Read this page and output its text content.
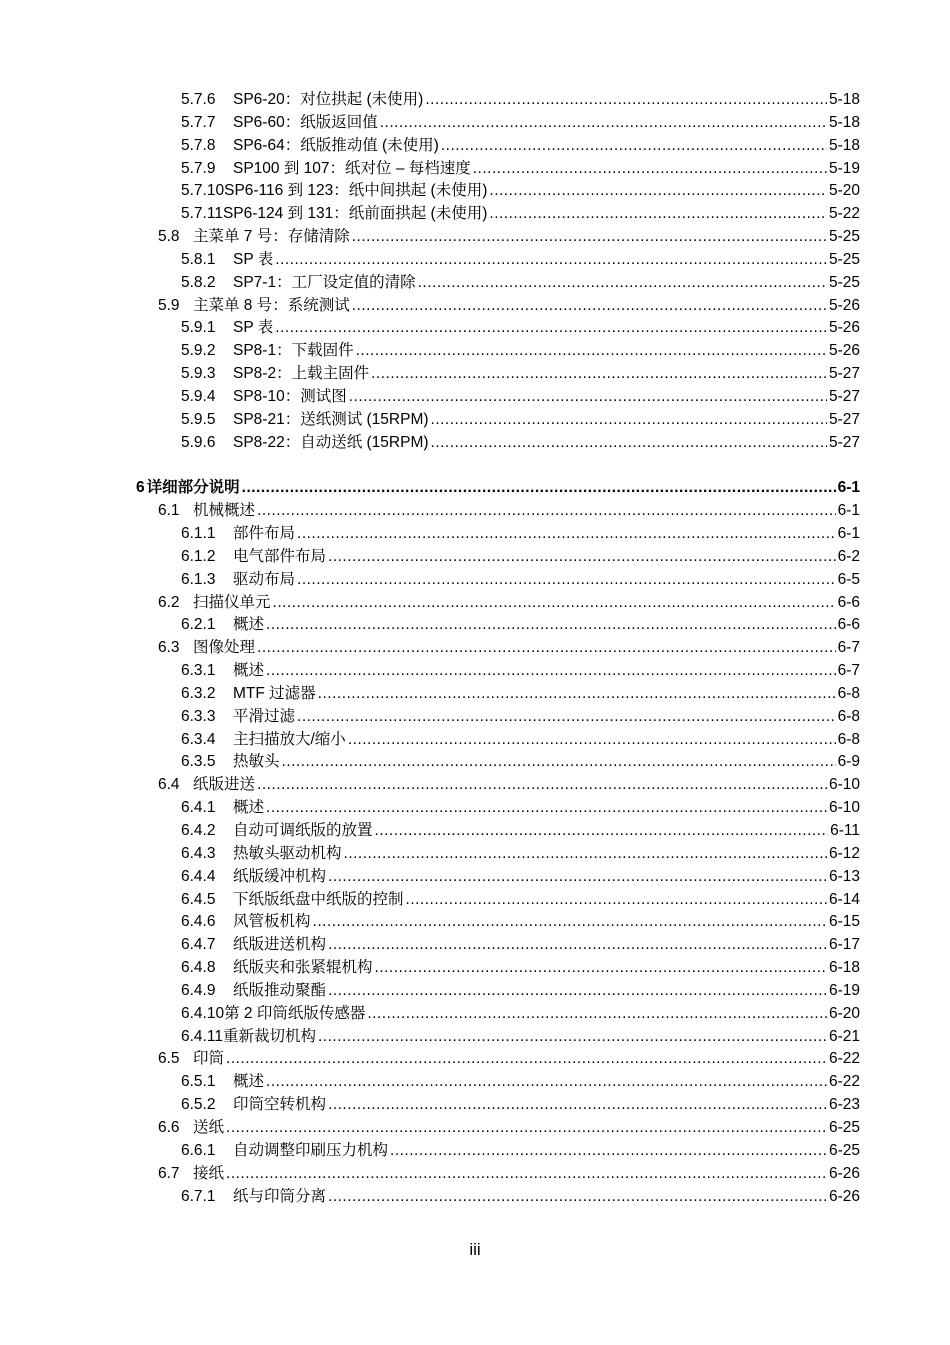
5.7.6	SP6-20：对位拱起 (未使用) .....	5-18
5.7.7	SP6-60：纸版返回值 .....	5-18
5.7.8	SP6-64：纸版推动值 (未使用) .....	5-18
5.7.9	SP100 到 107：纸对位 – 每档速度 .....	5-19
5.7.10 SP6-116 到 123：纸中间拱起 (未使用) .....	5-20
5.7.11 SP6-124 到 131：纸前面拱起 (未使用) .....	5-22
5.8 主菜单 7 号：存储清除 .....	5-25
5.8.1	SP 表 .....	5-25
5.8.2	SP7-1：工厂设定值的清除 .....	5-25
5.9 主菜单 8 号：系统测试 .....	5-26
5.9.1	SP 表 .....	5-26
5.9.2	SP8-1：下载固件 .....	5-26
5.9.3	SP8-2：上载主固件 .....	5-27
5.9.4	SP8-10：测试图 .....	5-27
5.9.5	SP8-21：送纸测试 (15RPM) .....	5-27
5.9.6	SP8-22：自动送纸 (15RPM) .....	5-27
6 详细部分说明 .....	6-1
6.1 机械概述 .....	6-1
6.1.1	部件布局 .....	6-1
6.1.2	电气部件布局 .....	6-2
6.1.3	驱动布局 .....	6-5
6.2 扫描仪单元 .....	6-6
6.2.1	概述 .....	6-6
6.3 图像处理 .....	6-7
6.3.1	概述 .....	6-7
6.3.2	MTF 过滤器 .....	6-8
6.3.3	平滑过滤 .....	6-8
6.3.4	主扫描放大/缩小 .....	6-8
6.3.5	热敏头 .....	6-9
6.4 纸版进送 .....	6-10
6.4.1	概述 .....	6-10
6.4.2	自动可调纸版的放置 .....	6-11
6.4.3	热敏头驱动机构 .....	6-12
6.4.4	纸版缓冲机构 .....	6-13
6.4.5	下纸版纸盘中纸版的控制 .....	6-14
6.4.6	风管板机构 .....	6-15
6.4.7	纸版进送机构 .....	6-17
6.4.8	纸版夹和张紧辊机构 .....	6-18
6.4.9	纸版推动聚酯 .....	6-19
6.4.10 第 2 印筒纸版传感器 .....	6-20
6.4.11 重新裁切机构 .....	6-21
6.5 印筒 .....	6-22
6.5.1	概述 .....	6-22
6.5.2	印筒空转机构 .....	6-23
6.6 送纸 .....	6-25
6.6.1	自动调整印刷压力机构 .....	6-25
6.7 接纸 .....	6-26
6.7.1	纸与印筒分离 .....	6-26
iii
